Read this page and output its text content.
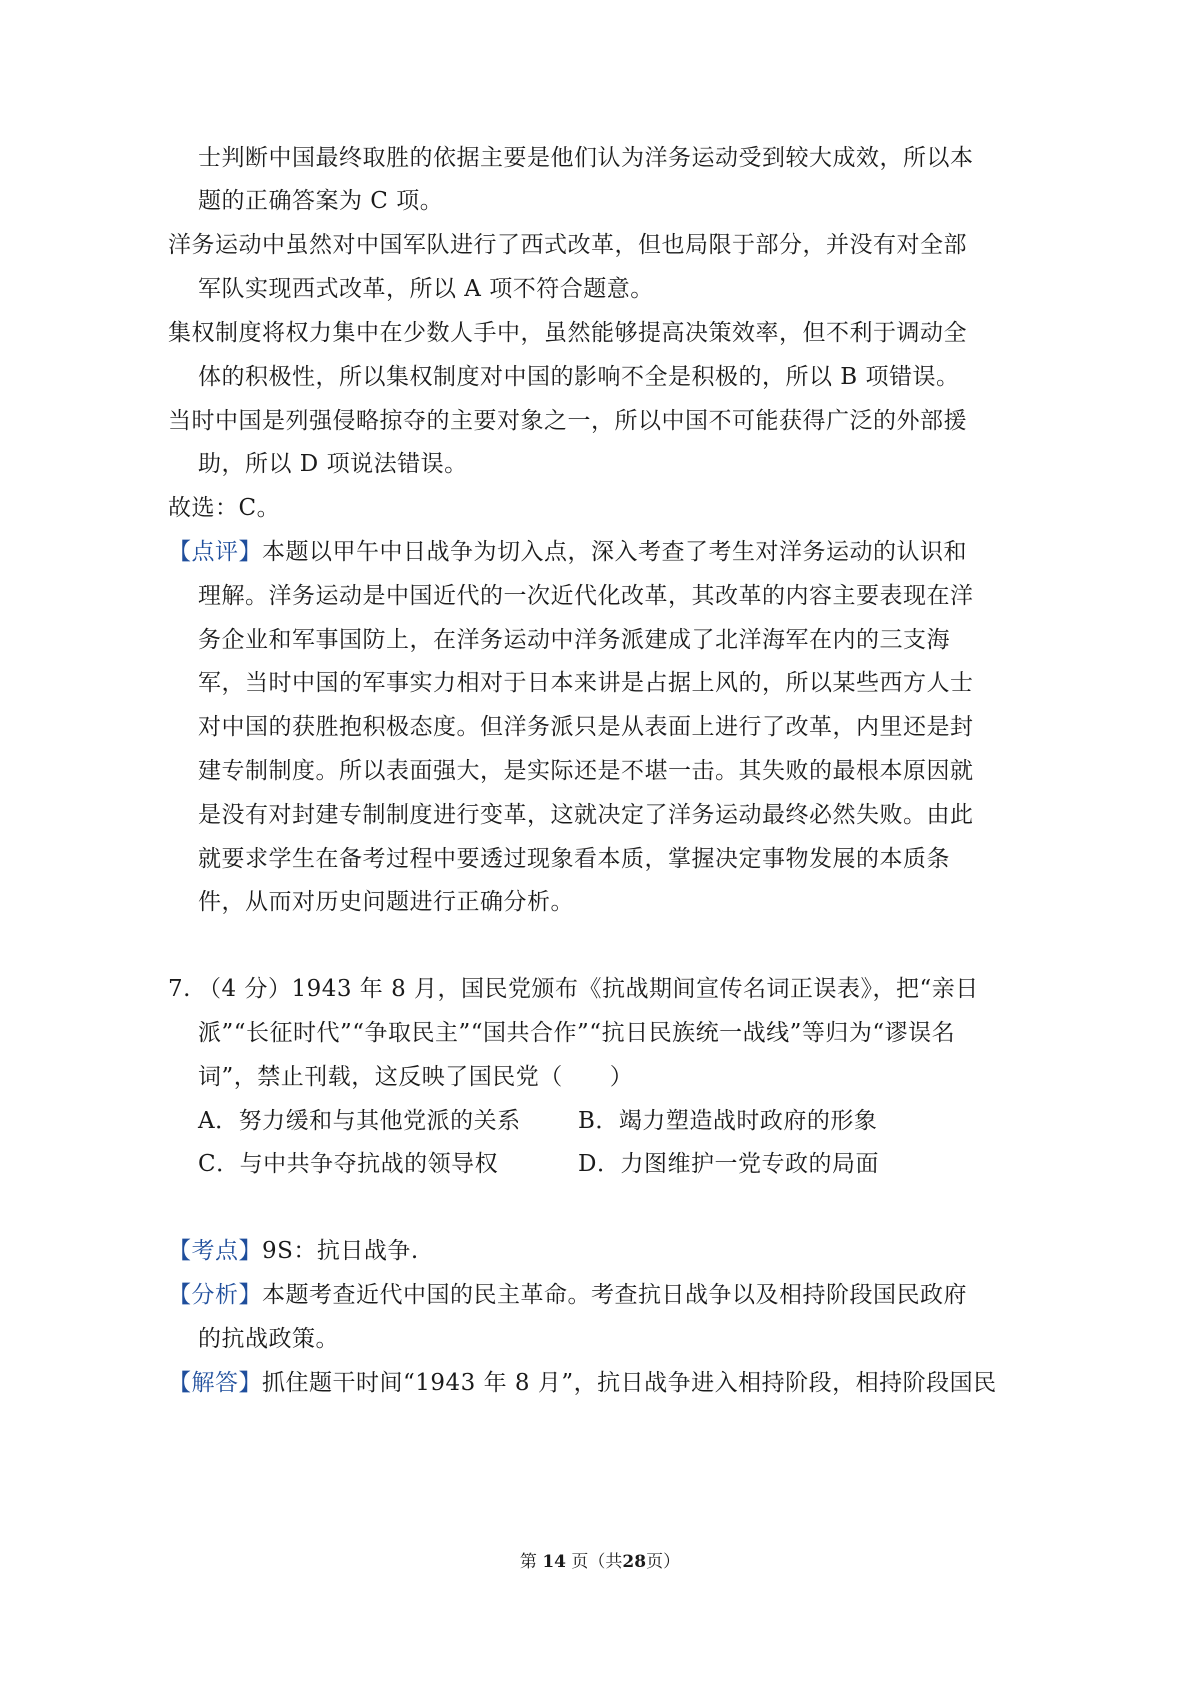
士判断中国最终取胜的依据主要是他们认为洋务运动受到较大成效，所以本
题的正确答案为 C 项。
洋务运动中虽然对中国军队进行了西式改革，但也局限于部分，并没有对全部
军队实现西式改革，所以 A 项不符合题意。
集权制度将权力集中在少数人手中，虽然能够提高决策效率，但不利于调动全
体的积极性，所以集权制度对中国的影响不全是积极的，所以 B 项错误。
当时中国是列强侵略掠夺的主要对象之一，所以中国不可能获得广泛的外部援
助，所以 D 项说法错误。
故选：C。
【点评】本题以甲午中日战争为切入点，深入考查了考生对洋务运动的认识和
理解。洋务运动是中国近代的一次近代化改革，其改革的内容主要表现在洋
务企业和军事国防上，在洋务运动中洋务派建成了北洋海军在内的三支海
军，当时中国的军事实力相对于日本来讲是占据上风的，所以某些西方人士
对中国的获胜抱积极态度。但洋务派只是从表面上进行了改革，内里还是封
建专制制度。所以表面强大，是实际还是不堪一击。其失败的最根本原因就
是没有对封建专制制度进行变革，这就决定了洋务运动最终必然失败。由此
就要求学生在备考过程中要透过现象看本质，掌握决定事物发展的本质条
件，从而对历史问题进行正确分析。
7. （4 分）1943 年 8 月，国民党颁布《抗战期间宣传名词正误表》，把“亲日
派”“长征时代”“争取民主”“国共合作”“抗日民族统一战线”等归为“谬误名
词”，禁止刊载，这反映了国民党（　　）
A．努力缓和与其他党派的关系 B．竭力塑造战时政府的形象
C．与中共争夺抗战的领导权	D．力图维护一党专政的局面
【考点】9S：抗日战争.
【分析】本题考查近代中国的民主革命。考查抗日战争以及相持阶段国民政府
的抗战政策。
【解答】抓住题干时间“1943 年 8 月”，抗日战争进入相持阶段，相持阶段国民
第 14 页（共28页）
